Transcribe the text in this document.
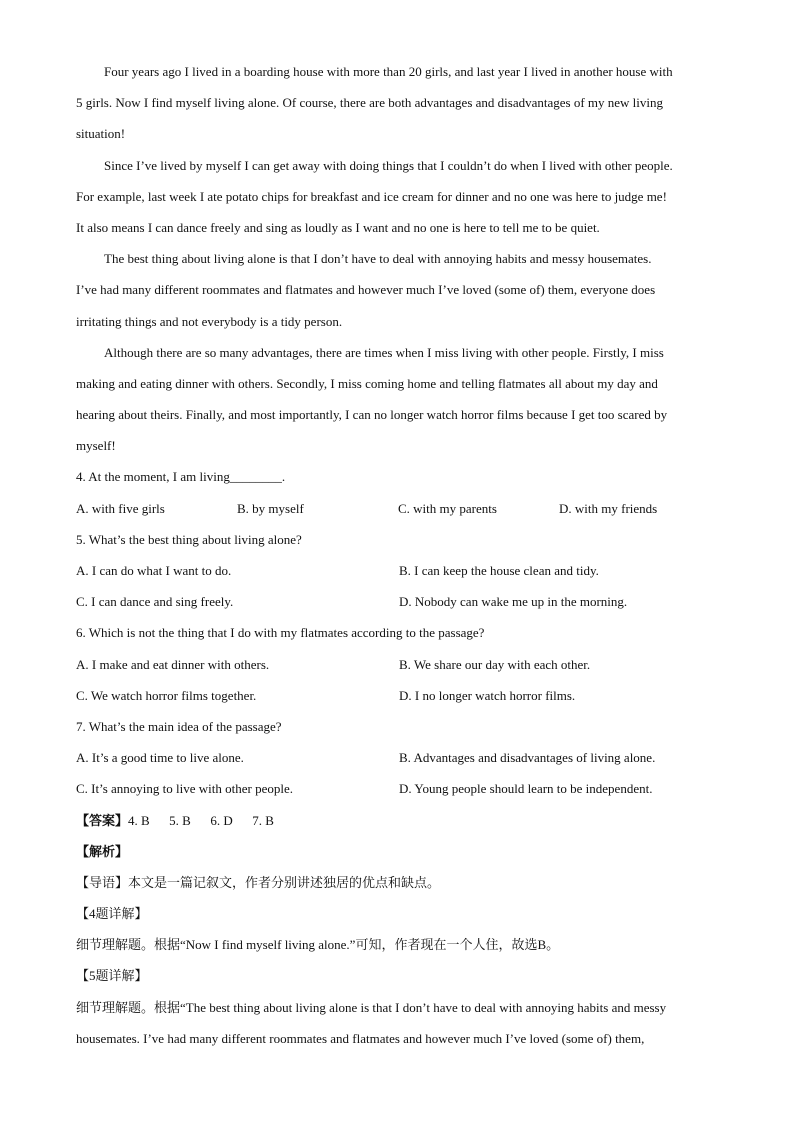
Four years ago I lived in a boarding house with more than 20 girls, and last year I lived in another house with
5 girls. Now I find myself living alone. Of course, there are both advantages and disadvantages of my new living
situation!
Since I’ve lived by myself I can get away with doing things that I couldn’t do when I lived with other people.
For example, last week I ate potato chips for breakfast and ice cream for dinner and no one was here to judge me!
It also means I can dance freely and sing as loudly as I want and no one is here to tell me to be quiet.
The best thing about living alone is that I don’t have to deal with annoying habits and messy housemates.
I’ve had many different roommates and flatmates and however much I’ve loved (some of) them, everyone does
irritating things and not everybody is a tidy person.
Although there are so many advantages, there are times when I miss living with other people. Firstly, I miss
making and eating dinner with others. Secondly, I miss coming home and telling flatmates all about my day and
hearing about theirs. Finally, and most importantly, I can no longer watch horror films because I get too scared by
myself!
4. At the moment, I am living________.
A. with five girls	B. by myself	C. with my parents	D. with my friends
5. What’s the best thing about living alone?
A. I can do what I want to do.	B. I can keep the house clean and tidy.
C. I can dance and sing freely.	D. Nobody can wake me up in the morning.
6. Which is not the thing that I do with my flatmates according to the passage?
A. I make and eat dinner with others.	B. We share our day with each other.
C. We watch horror films together.	D. I no longer watch horror films.
7. What’s the main idea of the passage?
A. It’s a good time to live alone.	B. Advantages and disadvantages of living alone.
C. It’s annoying to live with other people.	D. Young people should learn to be independent.
【答案】4. B      5. B      6. D      7. B
【解析】
【导语】本文是一篇记叙文，作者分别讲述独居的优点和缺点。
【4题详解】
细节理解题。根据“Now I find myself living alone.”可知，作者现在一个人住，故选B。
【5题详解】
细节理解题。根据“The best thing about living alone is that I don’t have to deal with annoying habits and messy
housemates. I’ve had many different roommates and flatmates and however much I’ve loved (some of) them,
